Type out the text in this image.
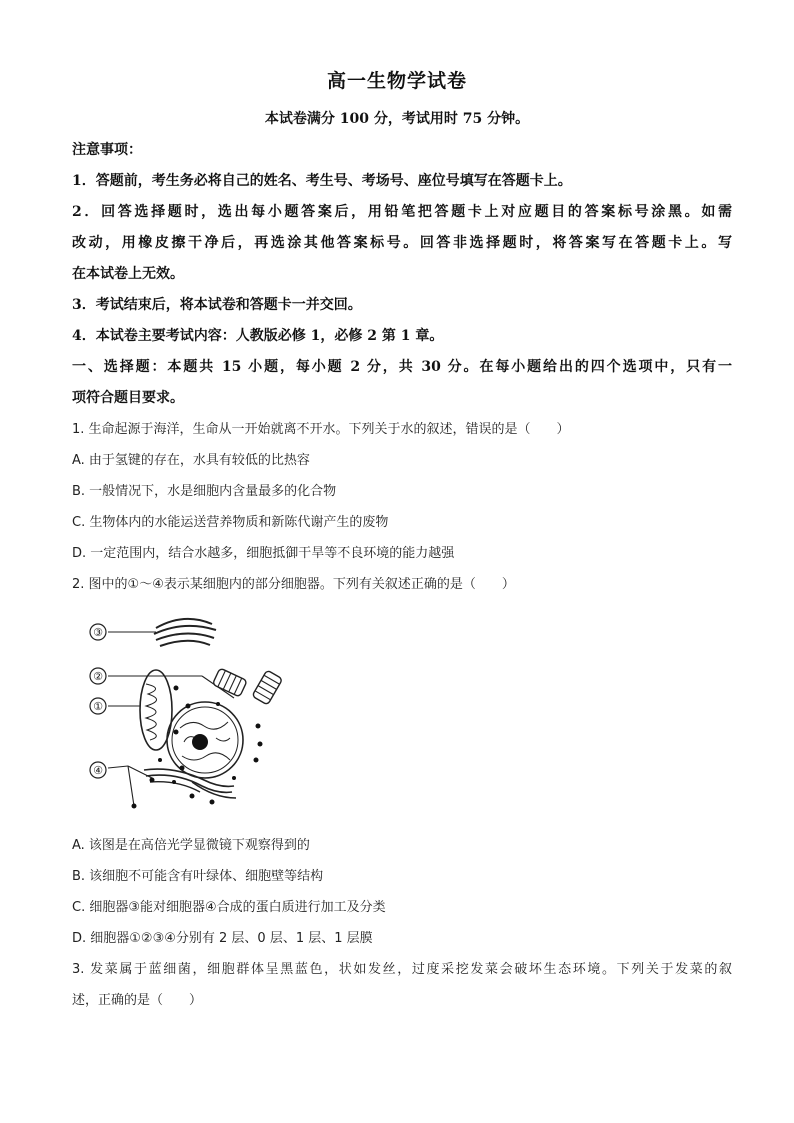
高一生物学试卷
本试卷满分 100 分，考试用时 75 分钟。
注意事项：
1．答题前，考生务必将自己的姓名、考生号、考场号、座位号填写在答题卡上。
2．回答选择题时，选出每小题答案后，用铅笔把答题卡上对应题目的答案标号涂黑。如需
改动，用橡皮擦干净后，再选涂其他答案标号。回答非选择题时，将答案写在答题卡上。写
在本试卷上无效。
3．考试结束后，将本试卷和答题卡一并交回。
4．本试卷主要考试内容：人教版必修 1，必修 2 第 1 章。
一、选择题：本题共 15 小题，每小题 2 分，共 30 分。在每小题给出的四个选项中，只有一
项符合题目要求。
1. 生命起源于海洋，生命从一开始就离不开水。下列关于水的叙述，错误的是（　　）
A. 由于氢键的存在，水具有较低的比热容
B. 一般情况下，水是细胞内含量最多的化合物
C. 生物体内的水能运送营养物质和新陈代谢产生的废物
D. 一定范围内，结合水越多，细胞抵御干旱等不良环境的能力越强
2. 图中的①～④表示某细胞内的部分细胞器。下列有关叙述正确的是（　　）
③
②
①
④
A. 该图是在高倍光学显微镜下观察得到的
B. 该细胞不可能含有叶绿体、细胞壁等结构
C. 细胞器③能对细胞器④合成的蛋白质进行加工及分类
D. 细胞器①②③④分别有 2 层、0 层、1 层、1 层膜
3. 发菜属于蓝细菌，细胞群体呈黑蓝色，状如发丝，过度采挖发菜会破坏生态环境。下列关于发菜的叙
述，正确的是（　　）
